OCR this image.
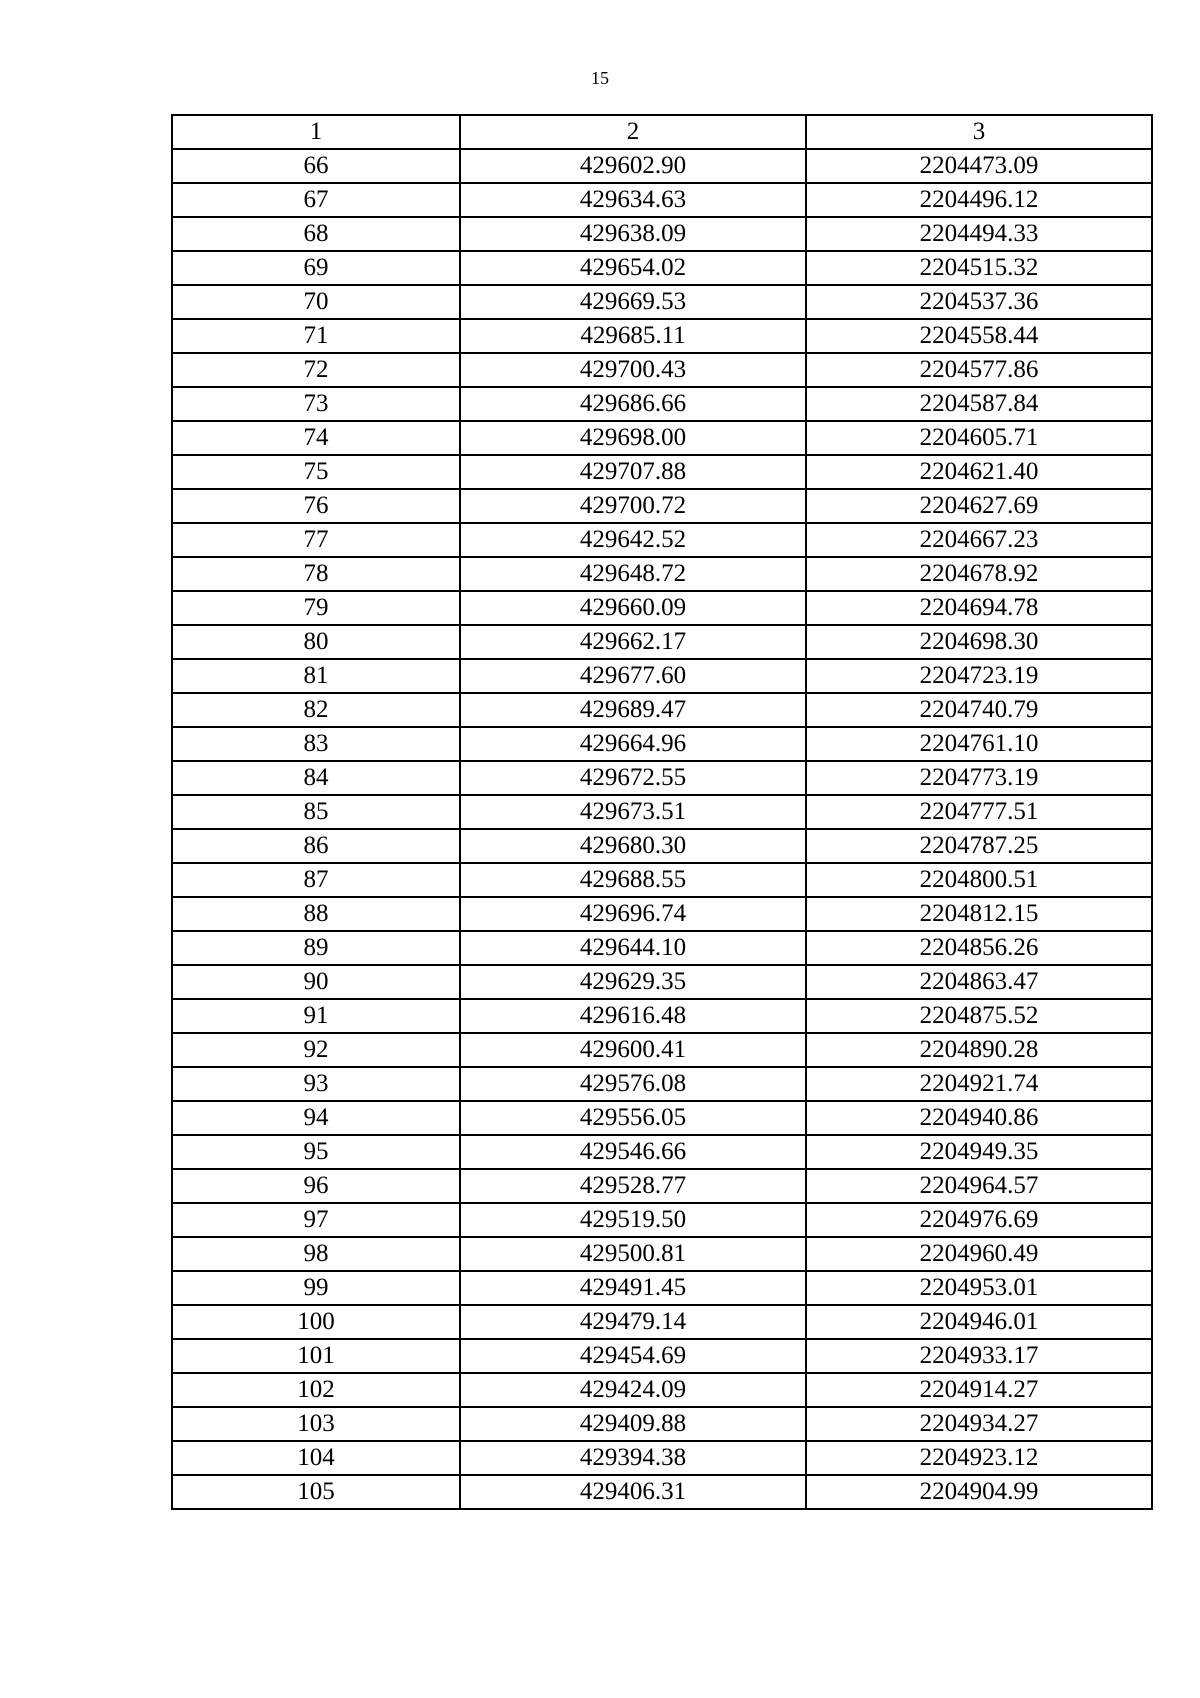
15
1	2	3
66	429602.90	2204473.09
67	429634.63	2204496.12
68	429638.09	2204494.33
69	429654.02	2204515.32
70	429669.53	2204537.36
71	429685.11	2204558.44
72	429700.43	2204577.86
73	429686.66	2204587.84
74	429698.00	2204605.71
75	429707.88	2204621.40
76	429700.72	2204627.69
77	429642.52	2204667.23
78	429648.72	2204678.92
79	429660.09	2204694.78
80	429662.17	2204698.30
81	429677.60	2204723.19
82	429689.47	2204740.79
83	429664.96	2204761.10
84	429672.55	2204773.19
85	429673.51	2204777.51
86	429680.30	2204787.25
87	429688.55	2204800.51
88	429696.74	2204812.15
89	429644.10	2204856.26
90	429629.35	2204863.47
91	429616.48	2204875.52
92	429600.41	2204890.28
93	429576.08	2204921.74
94	429556.05	2204940.86
95	429546.66	2204949.35
96	429528.77	2204964.57
97	429519.50	2204976.69
98	429500.81	2204960.49
99	429491.45	2204953.01
100	429479.14	2204946.01
101	429454.69	2204933.17
102	429424.09	2204914.27
103	429409.88	2204934.27
104	429394.38	2204923.12
105	429406.31	2204904.99
